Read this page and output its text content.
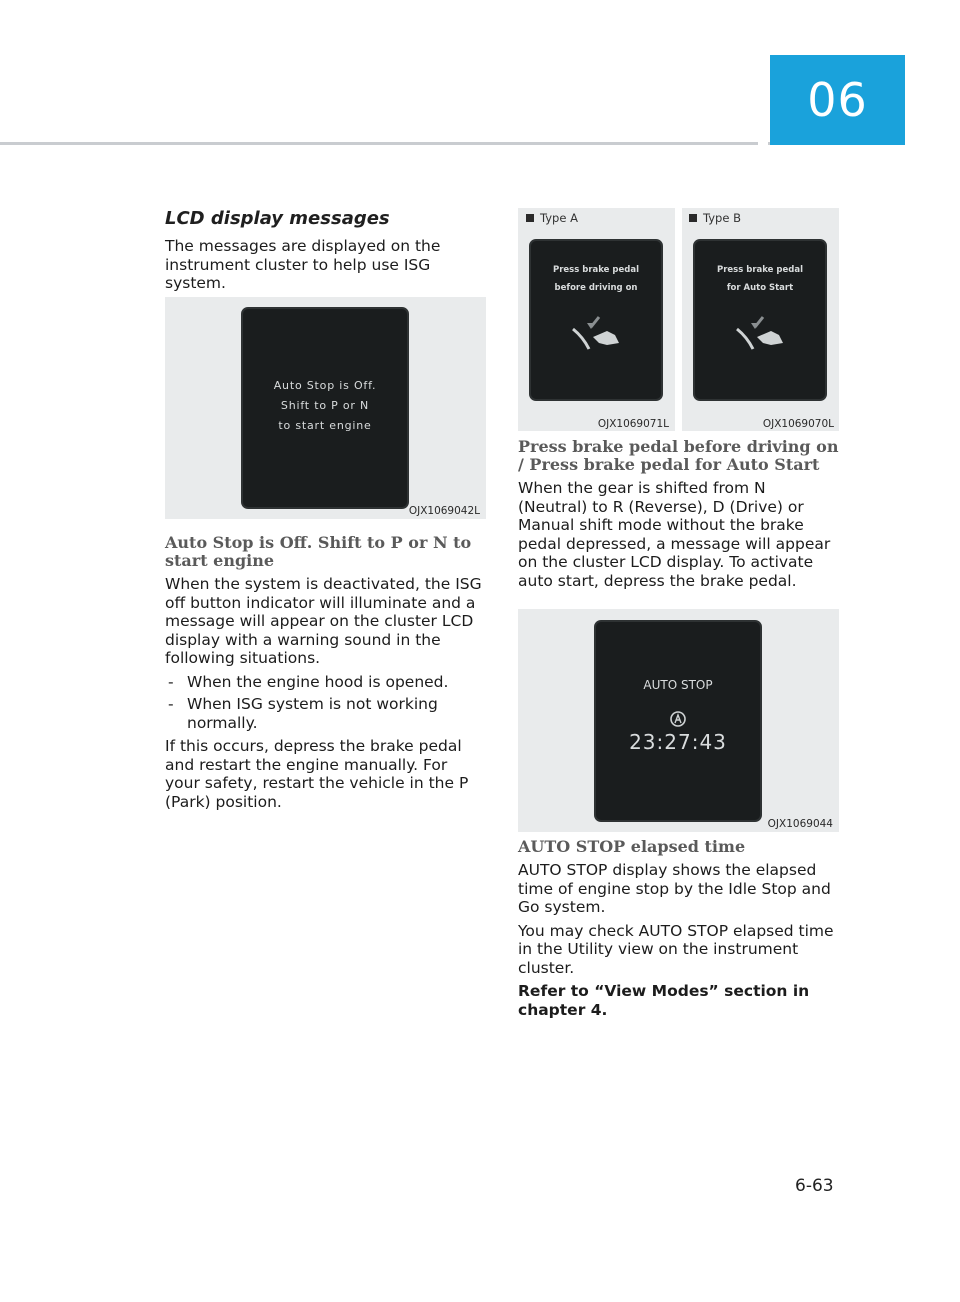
06
LCD display messages

The messages are displayed on the instrument cluster to help use ISG system.

Auto Stop is Off.
Shift to P or N
to start engine
OJX1069042L
Auto Stop is Off. Shift to P or N to start engine

When the system is deactivated, the ISG off button indicator will illuminate and a message will appear on the cluster LCD display with a warning sound in the following situations.

- When the engine hood is opened.
- When ISG system is not working normally.

If this occurs, depress the brake pedal and restart the engine manually. For your safety, restart the vehicle in the P (Park) position.

Type A
Press brake pedal
before driving on
OJX1069071L
Type B
Press brake pedal
for Auto Start
OJX1069070L
Press brake pedal before driving on / Press brake pedal for Auto Start

When the gear is shifted from N (Neutral) to R (Reverse), D (Drive) or Manual shift mode without the brake pedal depressed, a message will appear on the cluster LCD display. To activate auto start, depress the brake pedal.

AUTO STOP
23:27:43
OJX1069044
AUTO STOP elapsed time

AUTO STOP display shows the elapsed time of engine stop by the Idle Stop and Go system.

You may check AUTO STOP elapsed time in the Utility view on the instrument cluster.

Refer to “View Modes” section in chapter 4.

6-63
